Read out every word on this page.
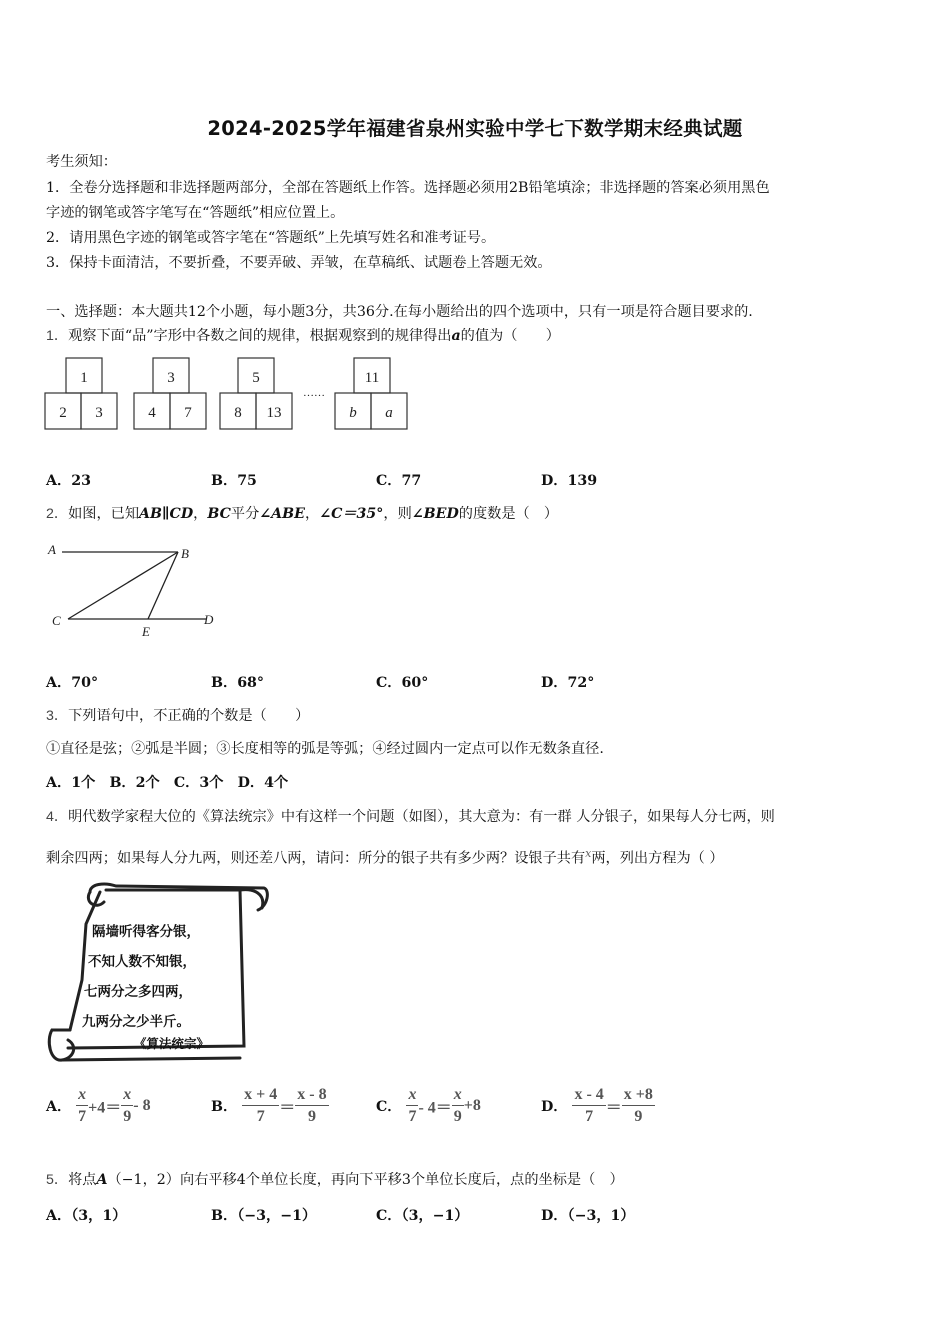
2024-2025学年福建省泉州实验中学七下数学期末经典试题
考生须知：
1．全卷分选择题和非选择题两部分，全部在答题纸上作答。选择题必须用2B铅笔填涂；非选择题的答案必须用黑色
字迹的钢笔或答字笔写在“答题纸”相应位置上。
2．请用黑色字迹的钢笔或答字笔在“答题纸”上先填写姓名和准考证号。
3．保持卡面清洁，不要折叠，不要弄破、弄皱，在草稿纸、试题卷上答题无效。
一、选择题：本大题共12个小题，每小题3分，共36分.在每小题给出的四个选项中，只有一项是符合题目要求的.
1．观察下面“品”字形中各数之间的规律，根据观察到的规律得出a的值为（　　）
1
2 3
3
4 7
5
8 13
11
b a
……
A．23	B．75	C．77	D．139
2．如图，已知AB∥CD，BC平分∠ABE，∠C＝35°，则∠BED的度数是（　）
A	B
C	D
E
A．70°	B．68°	C．60°	D．72°
3．下列语句中，不正确的个数是（　　）
①直径是弦；②弧是半圆；③长度相等的弧是等弧；④经过圆内一定点可以作无数条直径.
A．1个　B．2个　C．3个　D．4个
4．明代数学家程大位的《算法统宗》中有这样一个问题（如图），其大意为：有一群 人分银子，如果每人分七两，则
剩余四两；如果每人分九两，则还差八两，请问：所分的银子共有多少两？设银子共有$^x$两，列出方程为（ ）
隔墙听得客分银，
不知人数不知银，
七两分之多四两，
九两分之少半斤。
《算法统宗》
A． $\frac{x}{7} +4= \frac{x}{9} - 8$	B． $\frac{x + 4}{7} = \frac{x - 8}{9}$	C． $\frac{x}{7} - 4= \frac{x}{9} +8$	D． $\frac{x - 4}{7} = \frac{x +8}{9}$
5．将点A（−1，2）向右平移4个单位长度，再向下平移3个单位长度后，点的坐标是（　）
A．（3，1）	B．（−3，−1）	C．（3，−1）	D．（−3，1）
